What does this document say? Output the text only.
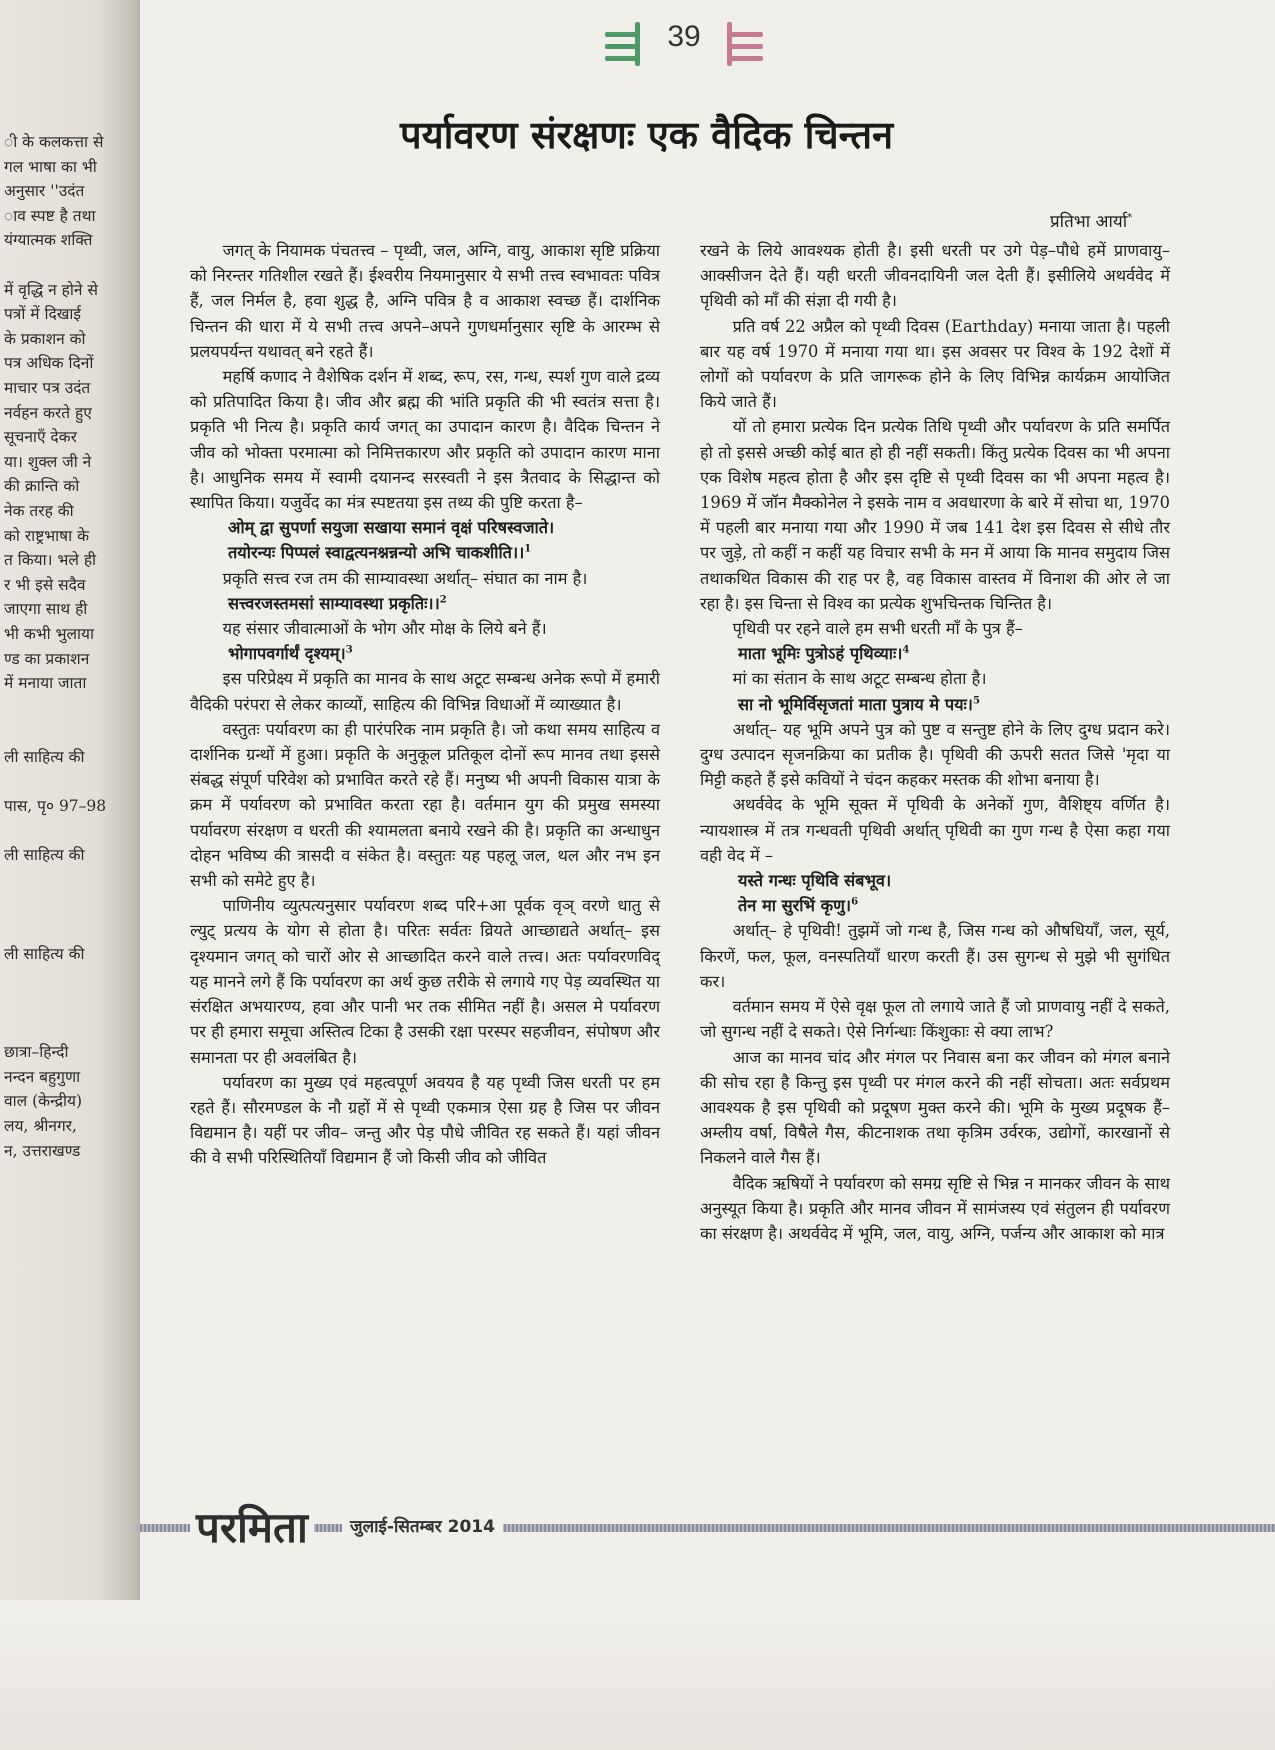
ी के कलकत्ता से
गल भाषा का भी
अनुसार ''उदंत
ाव स्पष्ट है तथा
यंग्यात्मक शक्ति
में वृद्धि न होने से
पत्रों में दिखाई
के प्रकाशन को
पत्र अधिक दिनों
माचार पत्र उदंत
नर्वहन करते हुए
सूचनाएँ देकर
या। शुक्ल जी ने
की क्रान्ति को
नेक तरह की
को राष्ट्रभाषा के
त किया। भले ही
र भी इसे सदैव
जाएगा साथ ही
भी कभी भुलाया
ण्ड का प्रकाशन
में मनाया जाता
ली साहित्य की
पास, पृ० 97–98
ली साहित्य की
ली साहित्य की
छात्रा–हिन्दी
नन्दन बहुगुणा
वाल (केन्द्रीय)
लय, श्रीनगर,
न, उत्तराखण्ड
39
पर्यावरण संरक्षणः एक वैदिक चिन्तन
प्रतिभा आर्या*

जगत् के नियामक पंचतत्त्व – पृथ्वी, जल, अग्नि, वायु, आकाश सृष्टि प्रक्रिया को निरन्तर गतिशील रखते हैं। ईश्वरीय नियमानुसार ये सभी तत्त्व स्वभावतः पवित्र हैं, जल निर्मल है, हवा शुद्ध है, अग्नि पवित्र है व आकाश स्वच्छ हैं। दार्शनिक चिन्तन की धारा में ये सभी तत्त्व अपने–अपने गुणधर्मानुसार सृष्टि के आरम्भ से प्रलयपर्यन्त यथावत् बने रहते हैं।

महर्षि कणाद ने वैशेषिक दर्शन में शब्द, रूप, रस, गन्ध, स्पर्श गुण वाले द्रव्य को प्रतिपादित किया है। जीव और ब्रह्म की भांति प्रकृति की भी स्वतंत्र सत्ता है। प्रकृति भी नित्य है। प्रकृति कार्य जगत् का उपादान कारण है। वैदिक चिन्तन ने जीव को भोक्ता परमात्मा को निमित्तकारण और प्रकृति को उपादान कारण माना है। आधुनिक समय में स्वामी दयानन्द सरस्वती ने इस त्रैतवाद के सिद्धान्त को स्थापित किया। यजुर्वेद का मंत्र स्पष्टतया इस तथ्य की पुष्टि करता है–

ओम् द्वा सुपर्णा सयुजा सखाया समानं वृक्षं परिषस्वजाते।

तयोरन्यः पिप्पलं स्वाद्वत्यनश्नन्नन्यो अभि चाकशीति।।$^1$

प्रकृति सत्त्व रज तम की साम्यावस्था अर्थात्– संघात का नाम है।

सत्त्वरजस्तमसां साम्यावस्था प्रकृतिः।।$^2$

यह संसार जीवात्माओं के भोग और मोक्ष के लिये बने हैं।

भोगापवर्गार्थं दृश्यम्।$^3$

इस परिप्रेक्ष्य में प्रकृति का मानव के साथ अटूट सम्बन्ध अनेक रूपो में हमारी वैदिकी परंपरा से लेकर काव्यों, साहित्य की विभिन्न विधाओं में व्याख्यात है।

वस्तुतः पर्यावरण का ही पारंपरिक नाम प्रकृति है। जो कथा समय साहित्य व दार्शनिक ग्रन्थों में हुआ। प्रकृति के अनुकूल प्रतिकूल दोनों रूप मानव तथा इससे संबद्ध संपूर्ण परिवेश को प्रभावित करते रहे हैं। मनुष्य भी अपनी विकास यात्रा के क्रम में पर्यावरण को प्रभावित करता रहा है। वर्तमान युग की प्रमुख समस्या पर्यावरण संरक्षण व धरती की श्यामलता बनाये रखने की है। प्रकृति का अन्धाधुन दोहन भविष्य की त्रासदी व संकेत है। वस्तुतः यह पहलू जल, थल और नभ इन सभी को समेटे हुए है।

पाणिनीय व्युत्पत्यनुसार पर्यावरण शब्द परि+आ पूर्वक वृञ् वरणे धातु से ल्युट् प्रत्यय के योग से होता है। परितः सर्वतः व्रियते आच्छाद्यते अर्थात्– इस दृश्यमान जगत् को चारों ओर से आच्छादित करने वाले तत्त्व। अतः पर्यावरणविद् यह मानने लगे हैं कि पर्यावरण का अर्थ कुछ तरीके से लगाये गए पेड़ व्यवस्थित या संरक्षित अभयारण्य, हवा और पानी भर तक सीमित नहीं है। असल मे पर्यावरण पर ही हमारा समूचा अस्तित्व टिका है उसकी रक्षा परस्पर सहजीवन, संपोषण और समानता पर ही अवलंबित है।

पर्यावरण का मुख्य एवं महत्वपूर्ण अवयव है यह पृथ्वी जिस धरती पर हम रहते हैं। सौरमण्डल के नौ ग्रहों में से पृथ्वी एकमात्र ऐसा ग्रह है जिस पर जीवन विद्यमान है। यहीं पर जीव– जन्तु और पेड़ पौधे जीवित रह सकते हैं। यहां जीवन की वे सभी परिस्थितियाँ विद्यमान हैं जो किसी जीव को जीवित

रखने के लिये आवश्यक होती है। इसी धरती पर उगे पेड़–पौधे हमें प्राणवायु– आक्सीजन देते हैं। यही धरती जीवनदायिनी जल देती हैं। इसीलिये अथर्ववेद में पृथिवी को माँ की संज्ञा दी गयी है।

प्रति वर्ष 22 अप्रैल को पृथ्वी दिवस (Earthday) मनाया जाता है। पहली बार यह वर्ष 1970 में मनाया गया था। इस अवसर पर विश्व के 192 देशों में लोगों को पर्यावरण के प्रति जागरूक होने के लिए विभिन्न कार्यक्रम आयोजित किये जाते हैं।

यों तो हमारा प्रत्येक दिन प्रत्येक तिथि पृथ्वी और पर्यावरण के प्रति समर्पित हो तो इससे अच्छी कोई बात हो ही नहीं सकती। किंतु प्रत्येक दिवस का भी अपना एक विशेष महत्व होता है और इस दृष्टि से पृथ्वी दिवस का भी अपना महत्व है। 1969 में जॉन मैक्कोनेल ने इसके नाम व अवधारणा के बारे में सोचा था, 1970 में पहली बार मनाया गया और 1990 में जब 141 देश इस दिवस से सीधे तौर पर जुड़े, तो कहीं न कहीं यह विचार सभी के मन में आया कि मानव समुदाय जिस तथाकथित विकास की राह पर है, वह विकास वास्तव में विनाश की ओर ले जा रहा है। इस चिन्ता से विश्व का प्रत्येक शुभचिन्तक चिन्तित है।

पृथिवी पर रहने वाले हम सभी धरती माँ के पुत्र हैं–

माता भूमिः पुत्रोऽहं पृथिव्याः।$^4$

मां का संतान के साथ अटूट सम्बन्ध होता है।

सा नो भूमिर्विसृजतां माता पुत्राय मे पयः।$^5$

अर्थात्– यह भूमि अपने पुत्र को पुष्ट व सन्तुष्ट होने के लिए दुग्ध प्रदान करे। दुग्ध उत्पादन सृजनक्रिया का प्रतीक है। पृथिवी की ऊपरी सतत जिसे 'मृदा या मिट्टी कहते हैं इसे कवियों ने चंदन कहकर मस्तक की शोभा बनाया है।

अथर्ववेद के भूमि सूक्त में पृथिवी के अनेकों गुण, वैशिष्ट्य वर्णित है। न्यायशास्त्र में तत्र गन्धवती पृथिवी अर्थात् पृथिवी का गुण गन्ध है ऐसा कहा गया वही वेद में –

यस्ते गन्धः पृथिवि संबभूव।

तेन मा सुरभिं कृणु।$^6$

अर्थात्– हे पृथिवी! तुझमें जो गन्ध है, जिस गन्ध को औषधियाँ, जल, सूर्य, किरणें, फल, फूल, वनस्पतियाँ धारण करती हैं। उस सुगन्ध से मुझे भी सुगंधित कर।

वर्तमान समय में ऐसे वृक्ष फूल तो लगाये जाते हैं जो प्राणवायु नहीं दे सकते, जो सुगन्ध नहीं दे सकते। ऐसे निर्गन्धाः किंशुकाः से क्या लाभ?

आज का मानव चांद और मंगल पर निवास बना कर जीवन को मंगल बनाने की सोच रहा है किन्तु इस पृथ्वी पर मंगल करने की नहीं सोचता। अतः सर्वप्रथम आवश्यक है इस पृथिवी को प्रदूषण मुक्त करने की। भूमि के मुख्य प्रदूषक हैं– अम्लीय वर्षा, विषैले गैस, कीटनाशक तथा कृत्रिम उर्वरक, उद्योगों, कारखानों से निकलने वाले गैस हैं।

वैदिक ऋषियों ने पर्यावरण को समग्र सृष्टि से भिन्न न मानकर जीवन के साथ अनुस्यूत किया है। प्रकृति और मानव जीवन में सामंजस्य एवं संतुलन ही पर्यावरण का संरक्षण है। अथर्ववेद में भूमि, जल, वायु, अग्नि, पर्जन्य और आकाश को मात्र

परमिता	जुलाई-सितम्बर 2014
